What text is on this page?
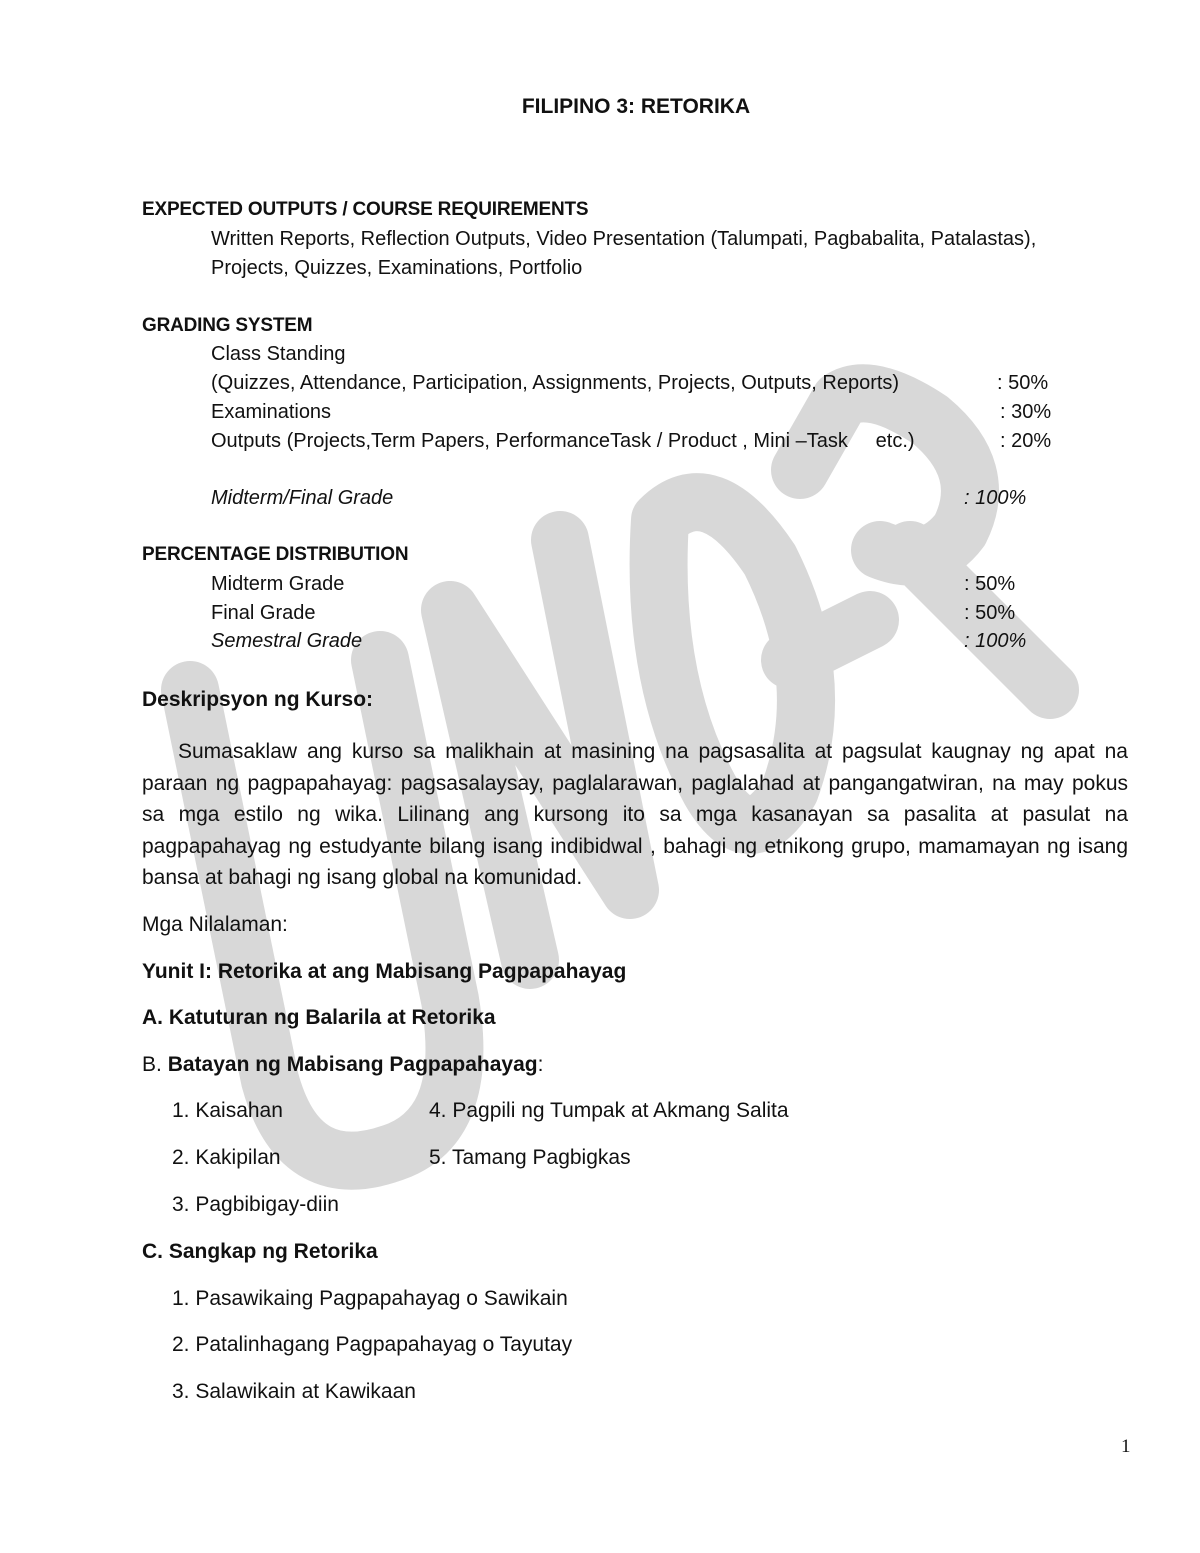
FILIPINO 3: RETORIKA
EXPECTED OUTPUTS / COURSE REQUIREMENTS
Written Reports, Reflection Outputs, Video Presentation (Talumpati, Pagbabalita, Patalastas),
Projects, Quizzes, Examinations, Portfolio
GRADING SYSTEM
Class Standing
(Quizzes, Attendance, Participation, Assignments, Projects, Outputs, Reports)	: 50%
Examinations	: 30%
Outputs (Projects,Term Papers, PerformanceTask / Product , Mini –Task     etc.)	: 20%
Midterm/Final Grade	: 100%
PERCENTAGE DISTRIBUTION
Midterm Grade	: 50%
Final Grade	: 50%
Semestral Grade	: 100%
Deskripsyon ng Kurso:
Sumasaklaw ang kurso sa malikhain at masining na pagsasalita at pagsulat kaugnay ng apat na paraan ng pagpapahayag: pagsasalaysay, paglalarawan, paglalahad at pangangatwiran, na may pokus sa mga estilo ng wika. Lilinang ang kursong ito sa mga kasanayan sa pasalita at pasulat na pagpapahayag ng estudyante bilang isang indibidwal , bahagi ng etnikong grupo, mamamayan ng isang bansa at bahagi ng isang global na komunidad.
Mga Nilalaman:
Yunit I: Retorika at ang Mabisang Pagpapahayag
A. Katuturan ng Balarila at Retorika
B. Batayan ng Mabisang Pagpapahayag:
1. Kaisahan
2. Kakipilan
3. Pagbibigay-diin
4. Pagpili ng Tumpak at Akmang Salita
5. Tamang Pagbigkas
C. Sangkap ng Retorika
1. Pasawikaing Pagpapahayag o Sawikain
2. Patalinhagang Pagpapahayag o Tayutay
3. Salawikain at Kawikaan
1
